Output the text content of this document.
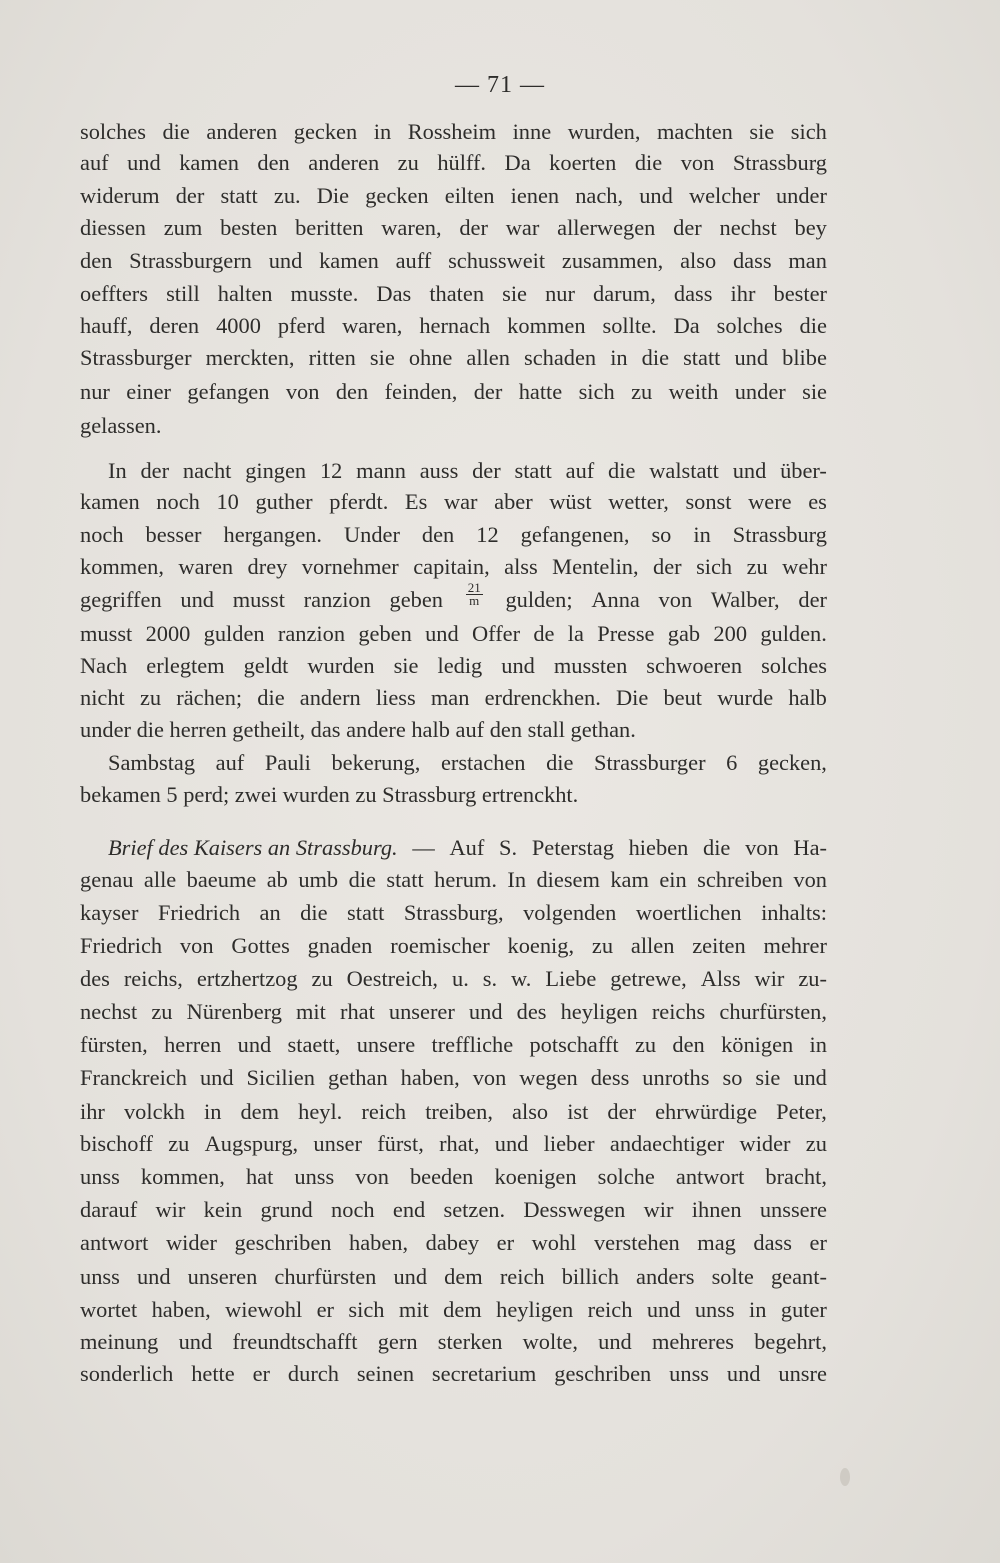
— 71 —
solches die anderen gecken in Rossheim inne wurden, machten sie sich
auf und kamen den anderen zu hülff. Da koerten die von Strassburg
widerum der statt zu. Die gecken eilten ienen nach, und welcher under
diessen zum besten beritten waren, der war allerwegen der nechst bey
den Strassburgern und kamen auff schussweit zusammen, also dass man
oeffters still halten musste. Das thaten sie nur darum, dass ihr bester
hauff, deren 4000 pferd waren, hernach kommen sollte. Da solches die
Strassburger merckten, ritten sie ohne allen schaden in die statt und blibe
nur einer gefangen von den feinden, der hatte sich zu weith under sie
gelassen.
In der nacht gingen 12 mann auss der statt auf die walstatt und über-
kamen noch 10 guther pferdt. Es war aber wüst wetter, sonst were es
noch besser hergangen. Under den 12 gefangenen, so in Strassburg
kommen, waren drey vornehmer capitain, alss Mentelin, der sich zu wehr
gegriffen und musst ranzion geben $\frac{21}{m}$ gulden; Anna von Walber, der
musst 2000 gulden ranzion geben und Offer de la Presse gab 200 gulden.
Nach erlegtem geldt wurden sie ledig und mussten schwoeren solches
nicht zu rächen; die andern liess man erdrenckhen. Die beut wurde halb
under die herren getheilt, das andere halb auf den stall gethan.
Sambstag auf Pauli bekerung, erstachen die Strassburger 6 gecken,
bekamen 5 perd; zwei wurden zu Strassburg ertrenckht.
Brief des Kaisers an Strassburg. — Auf S. Peterstag hieben die von Ha-
genau alle baeume ab umb die statt herum. In diesem kam ein schreiben von
kayser Friedrich an die statt Strassburg, volgenden woertlichen inhalts:
Friedrich von Gottes gnaden roemischer koenig, zu allen zeiten mehrer
des reichs, ertzhertzog zu Oestreich, u. s. w. Liebe getrewe, Alss wir zu-
nechst zu Nürenberg mit rhat unserer und des heyligen reichs churfürsten,
fürsten, herren und staett, unsere treffliche potschafft zu den königen in
Franckreich und Sicilien gethan haben, von wegen dess unroths so sie und
ihr volckh in dem heyl. reich treiben, also ist der ehrwürdige Peter,
bischoff zu Augspurg, unser fürst, rhat, und lieber andaechtiger wider zu
unss kommen, hat unss von beeden koenigen solche antwort bracht,
darauf wir kein grund noch end setzen. Desswegen wir ihnen unssere
antwort wider geschriben haben, dabey er wohl verstehen mag dass er
unss und unseren churfürsten und dem reich billich anders solte geant-
wortet haben, wiewohl er sich mit dem heyligen reich und unss in guter
meinung und freundtschafft gern sterken wolte, und mehreres begehrt,
sonderlich hette er durch seinen secretarium geschriben unss und unsre
